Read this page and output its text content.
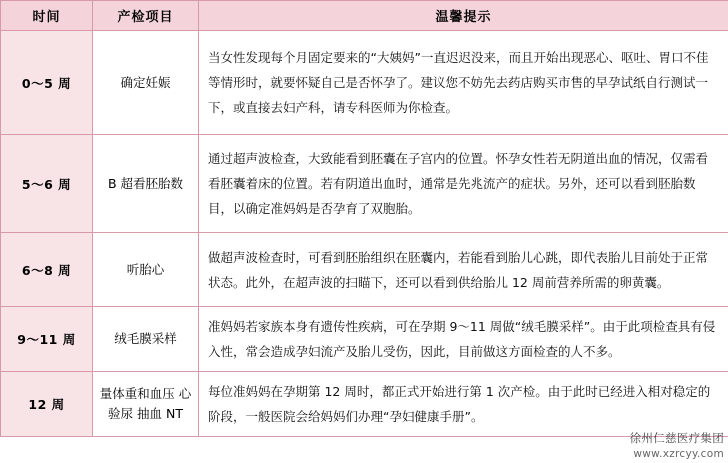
时间	产检项目	温馨提示
0～5 周	确定妊娠	当女性发现每个月固定要来的“大姨妈”一直迟迟没来，而且开始出现恶心、呕吐、胃口不佳等情形时，就要怀疑自己是否怀孕了。建议您不妨先去药店购买市售的早孕试纸自行测试一下，或直接去妇产科，请专科医师为你检查。
5～6 周	B 超看胚胎数	通过超声波检查，大致能看到胚囊在子宫内的位置。怀孕女性若无阴道出血的情况，仅需看看胚囊着床的位置。若有阴道出血时，通常是先兆流产的症状。另外，还可以看到胚胎数目，以确定准妈妈是否孕育了双胞胎。
6～8 周	听胎心	做超声波检查时，可看到胚胎组织在胚囊内，若能看到胎儿心跳，即代表胎儿目前处于正常状态。此外，在超声波的扫瞄下，还可以看到供给胎儿 12 周前营养所需的卵黄囊。
9～11 周	绒毛膜采样	准妈妈若家族本身有遗传性疾病，可在孕期 9～11 周做“绒毛膜采样”。由于此项检查具有侵入性，常会造成孕妇流产及胎儿受伤，因此，目前做这方面检查的人不多。
12 周	量体重和血压 心 验尿 抽血 NT	每位准妈妈在孕期第 12 周时，都正式开始进行第 1 次产检。由于此时已经进入相对稳定的阶段，一般医院会给妈妈们办理“孕妇健康手册”。
徐州仁慈医疗集团
www.xzrcyy.com
